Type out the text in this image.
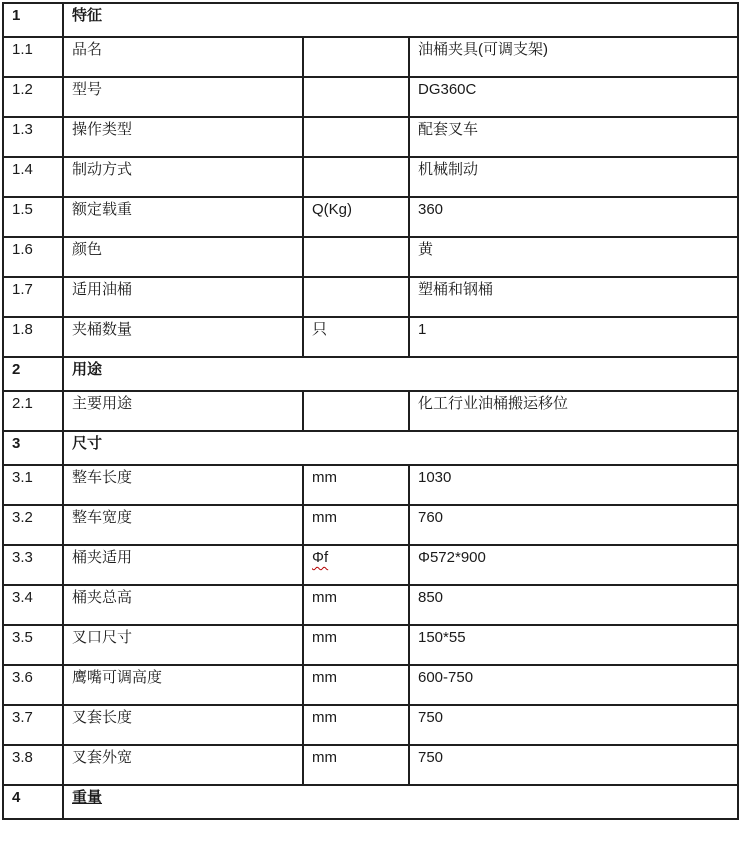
1	特征		
1.1	品名		油桶夹具(可调支架)
1.2	型号		DG360C
1.3	操作类型		配套叉车
1.4	制动方式		机械制动
1.5	额定载重	Q(Kg)	360
1.6	颜色		黄
1.7	适用油桶		塑桶和钢桶
1.8	夹桶数量	只	1
2	用途		
2.1	主要用途		化工行业油桶搬运移位
3	尺寸		
3.1	整车长度	mm	1030
3.2	整车宽度	mm	760
3.3	桶夹适用	Φf	Φ572*900
3.4	桶夹总高	mm	850
3.5	叉口尺寸	mm	150*55
3.6	鹰嘴可调高度	mm	600-750
3.7	叉套长度	mm	750
3.8	叉套外宽	mm	750
4	重量		
